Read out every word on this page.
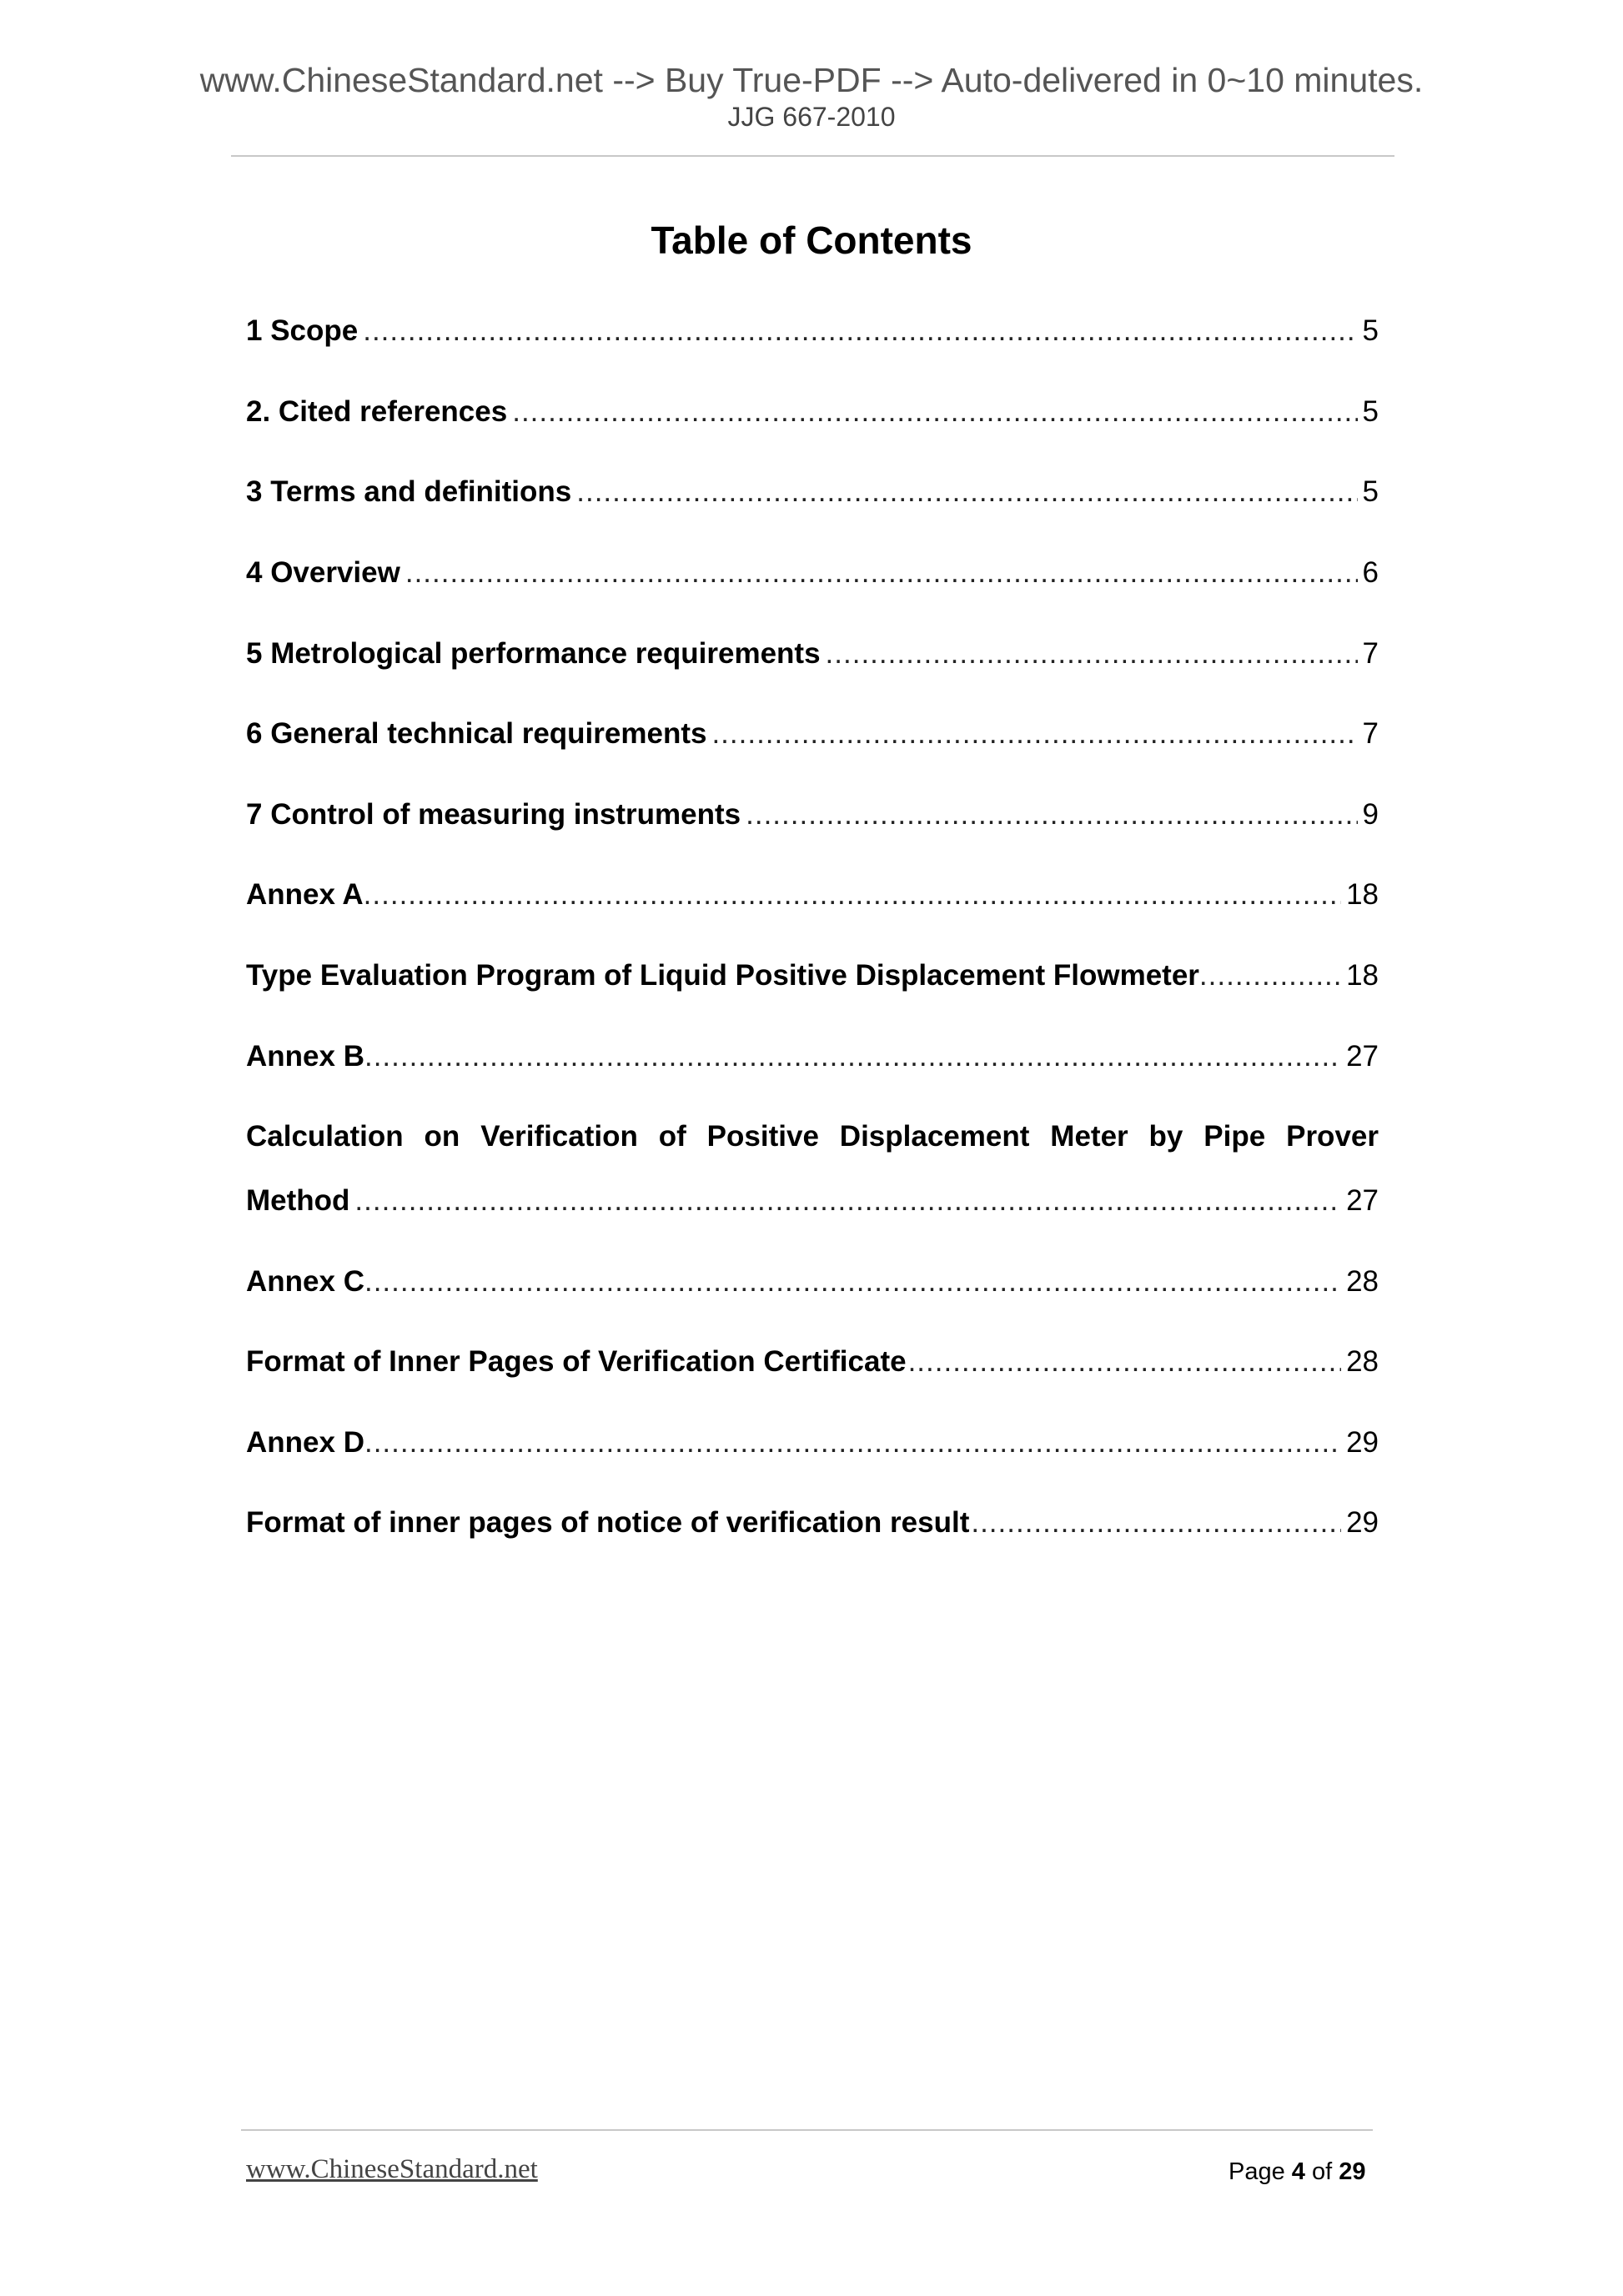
www.ChineseStandard.net --> Buy True-PDF --> Auto-delivered in 0~10 minutes.
JJG 667-2010
Table of Contents
1 Scope .....	5
2. Cited references .....	5
3 Terms and definitions .....	5
4 Overview .....	6
5 Metrological performance requirements .....	7
6 General technical requirements .....	7
7 Control of measuring instruments .....	9
Annex A .....	18
Type Evaluation Program of Liquid Positive Displacement Flowmeter .....	18
Annex B .....	27
Calculation on Verification of Positive Displacement Meter by Pipe Prover
Method .....	27
Annex C .....	28
Format of Inner Pages of Verification Certificate .....	28
Annex D .....	29
Format of inner pages of notice of verification result .....	29
www.ChineseStandard.net	Page 4 of 29
